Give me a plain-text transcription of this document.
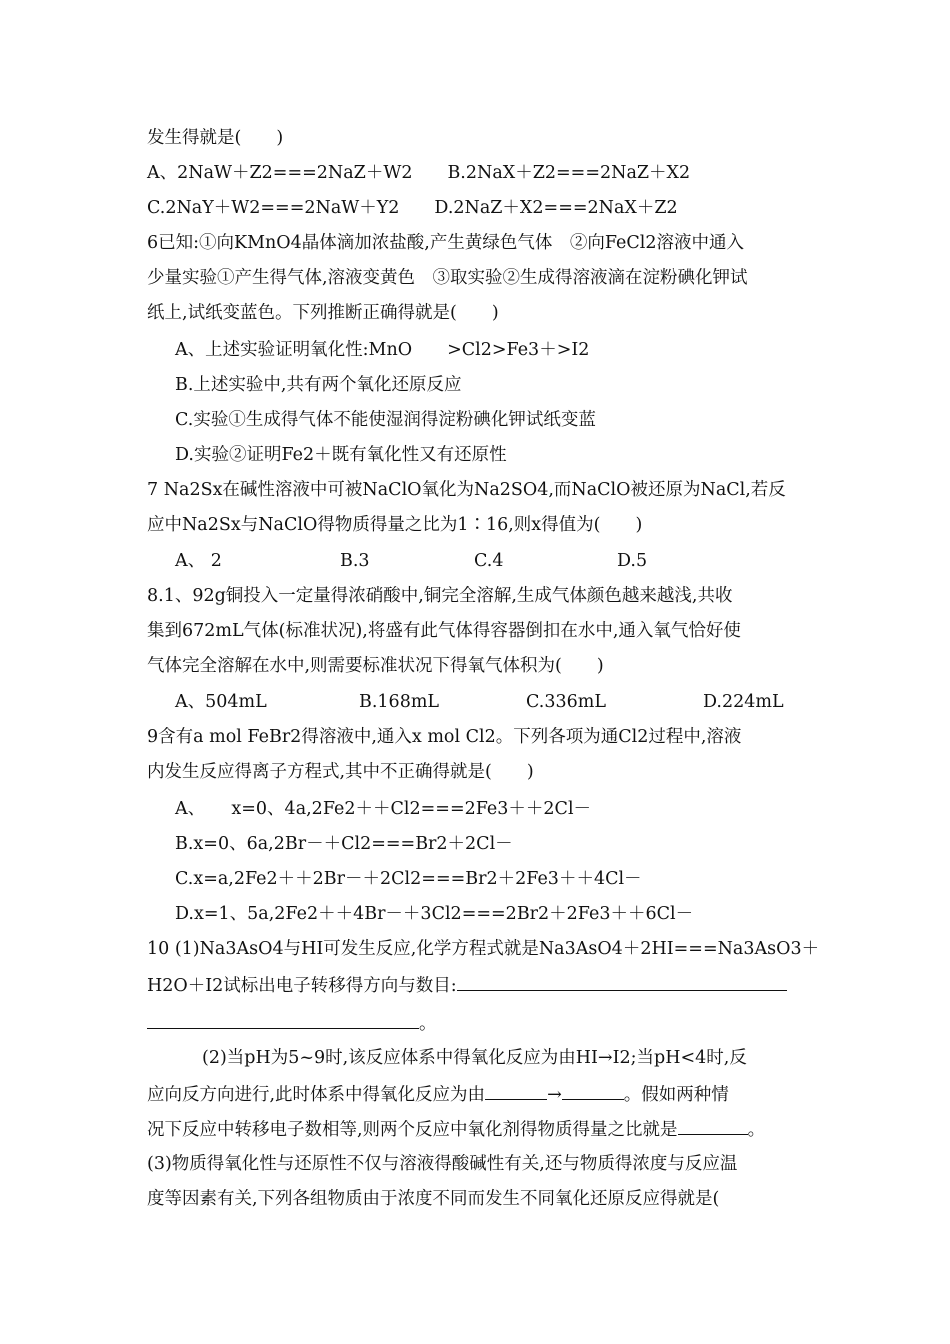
发生得就是(　　)
A、2NaW＋Z2===2NaZ＋W2　　B.2NaX＋Z2===2NaZ＋X2
C.2NaY＋W2===2NaW＋Y2　　D.2NaZ＋X2===2NaX＋Z2
6已知:①向KMnO4晶体滴加浓盐酸,产生黄绿色气体　②向FeCl2溶液中通入
少量实验①产生得气体,溶液变黄色　③取实验②生成得溶液滴在淀粉碘化钾试
纸上,试纸变蓝色。下列推断正确得就是(　　)
A、上述实验证明氧化性:MnO　　>Cl2>Fe3＋>I2
B.上述实验中,共有两个氧化还原反应
C.实验①生成得气体不能使湿润得淀粉碘化钾试纸变蓝
D.实验②证明Fe2＋既有氧化性又有还原性
7 Na2Sx在碱性溶液中可被NaClO氧化为Na2SO4,而NaClO被还原为NaCl,若反
应中Na2Sx与NaClO得物质得量之比为1∶16,则x得值为(　　)
A、 2	B.3	C.4	D.5
8.1、92g铜投入一定量得浓硝酸中,铜完全溶解,生成气体颜色越来越浅,共收
集到672mL气体(标准状况),将盛有此气体得容器倒扣在水中,通入氧气恰好使
气体完全溶解在水中,则需要标准状况下得氧气体积为(　　)
A、504mL	B.168mL	C.336mL	D.224mL
9含有a mol FeBr2得溶液中,通入x mol Cl2。下列各项为通Cl2过程中,溶液
内发生反应得离子方程式,其中不正确得就是(　　)
A、　　x=0、4a,2Fe2＋＋Cl2===2Fe3＋＋2Cl－
B.x=0、6a,2Br－＋Cl2===Br2＋2Cl－
C.x=a,2Fe2＋＋2Br－＋2Cl2===Br2＋2Fe3＋＋4Cl－
D.x=1、5a,2Fe2＋＋4Br－＋3Cl2===2Br2＋2Fe3＋＋6Cl－
10 (1)Na3AsO4与HI可发生反应,化学方程式就是Na3AsO4＋2HI===Na3AsO3＋
H2O＋I2试标出电子转移得方向与数目:
。
(2)当pH为5~9时,该反应体系中得氧化反应为由HI→I2;当pH<4时,反
应向反方向进行,此时体系中得氧化反应为由	→	。假如两种情
况下反应中转移电子数相等,则两个反应中氧化剂得物质得量之比就是	。
(3)物质得氧化性与还原性不仅与溶液得酸碱性有关,还与物质得浓度与反应温
度等因素有关,下列各组物质由于浓度不同而发生不同氧化还原反应得就是(
